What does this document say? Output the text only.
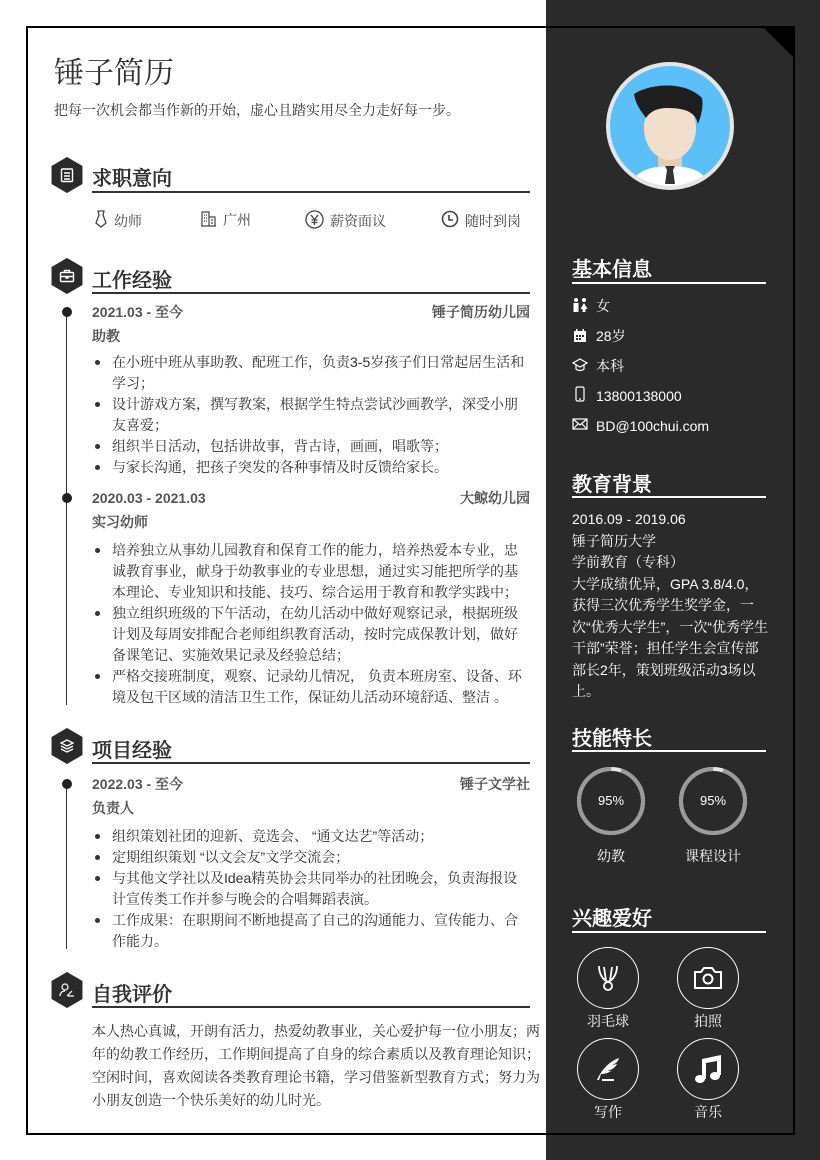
锤子简历
把每一次机会都当作新的开始，虚心且踏实用尽全力走好每一步。
求职意向
幼师	广州	薪资面议	随时到岗
工作经验
2021.03 - 至今	锤子简历幼儿园
助教
在小班中班从事助教、配班工作，负责3-5岁孩子们日常起居生活和学习；
设计游戏方案，撰写教案，根据学生特点尝试沙画教学，深受小朋友喜爱；
组织半日活动，包括讲故事，背古诗，画画，唱歌等；
与家长沟通，把孩子突发的各种事情及时反馈给家长。
2020.03 - 2021.03	大鲸幼儿园
实习幼师
培养独立从事幼儿园教育和保育工作的能力，培养热爱本专业，忠诚教育事业，献身于幼教事业的专业思想，通过实习能把所学的基本理论、专业知识和技能、技巧、综合运用于教育和教学实践中；
独立组织班级的下午活动，在幼儿活动中做好观察记录，根据班级计划及每周安排配合老师组织教育活动，按时完成保教计划，做好备课笔记、实施效果记录及经验总结；
严格交接班制度，观察、记录幼儿情况， 负责本班房室、设备、环境及包干区域的清洁卫生工作，保证幼儿活动环境舒适、整洁 。
项目经验
2022.03 - 至今	锤子文学社
负责人
组织策划社团的迎新、竞选会、 “通文达艺”等活动；
定期组织策划 “以文会友”文学交流会；
与其他文学社以及Idea精英协会共同举办的社团晚会，负责海报设计宣传类工作并参与晚会的合唱舞蹈表演。
工作成果：在职期间不断地提高了自己的沟通能力、宣传能力、合作能力。
自我评价
本人热心真诚，开朗有活力，热爱幼教事业，关心爱护每一位小朋友；两年的幼教工作经历，工作期间提高了自身的综合素质以及教育理论知识；空闲时间，喜欢阅读各类教育理论书籍，学习借鉴新型教育方式；努力为小朋友创造一个快乐美好的幼儿时光。
基本信息
女
28岁
本科
13800138000
BD@100chui.com
教育背景
2016.09 - 2019.06
锤子简历大学
学前教育（专科）
大学成绩优异，GPA 3.8/4.0，获得三次优秀学生奖学金，一次“优秀大学生”，一次“优秀学生干部”荣誉；担任学生会宣传部部长2年，策划班级活动3场以上。
技能特长
95%
幼教
95%
课程设计
兴趣爱好
羽毛球	拍照
写作	音乐
